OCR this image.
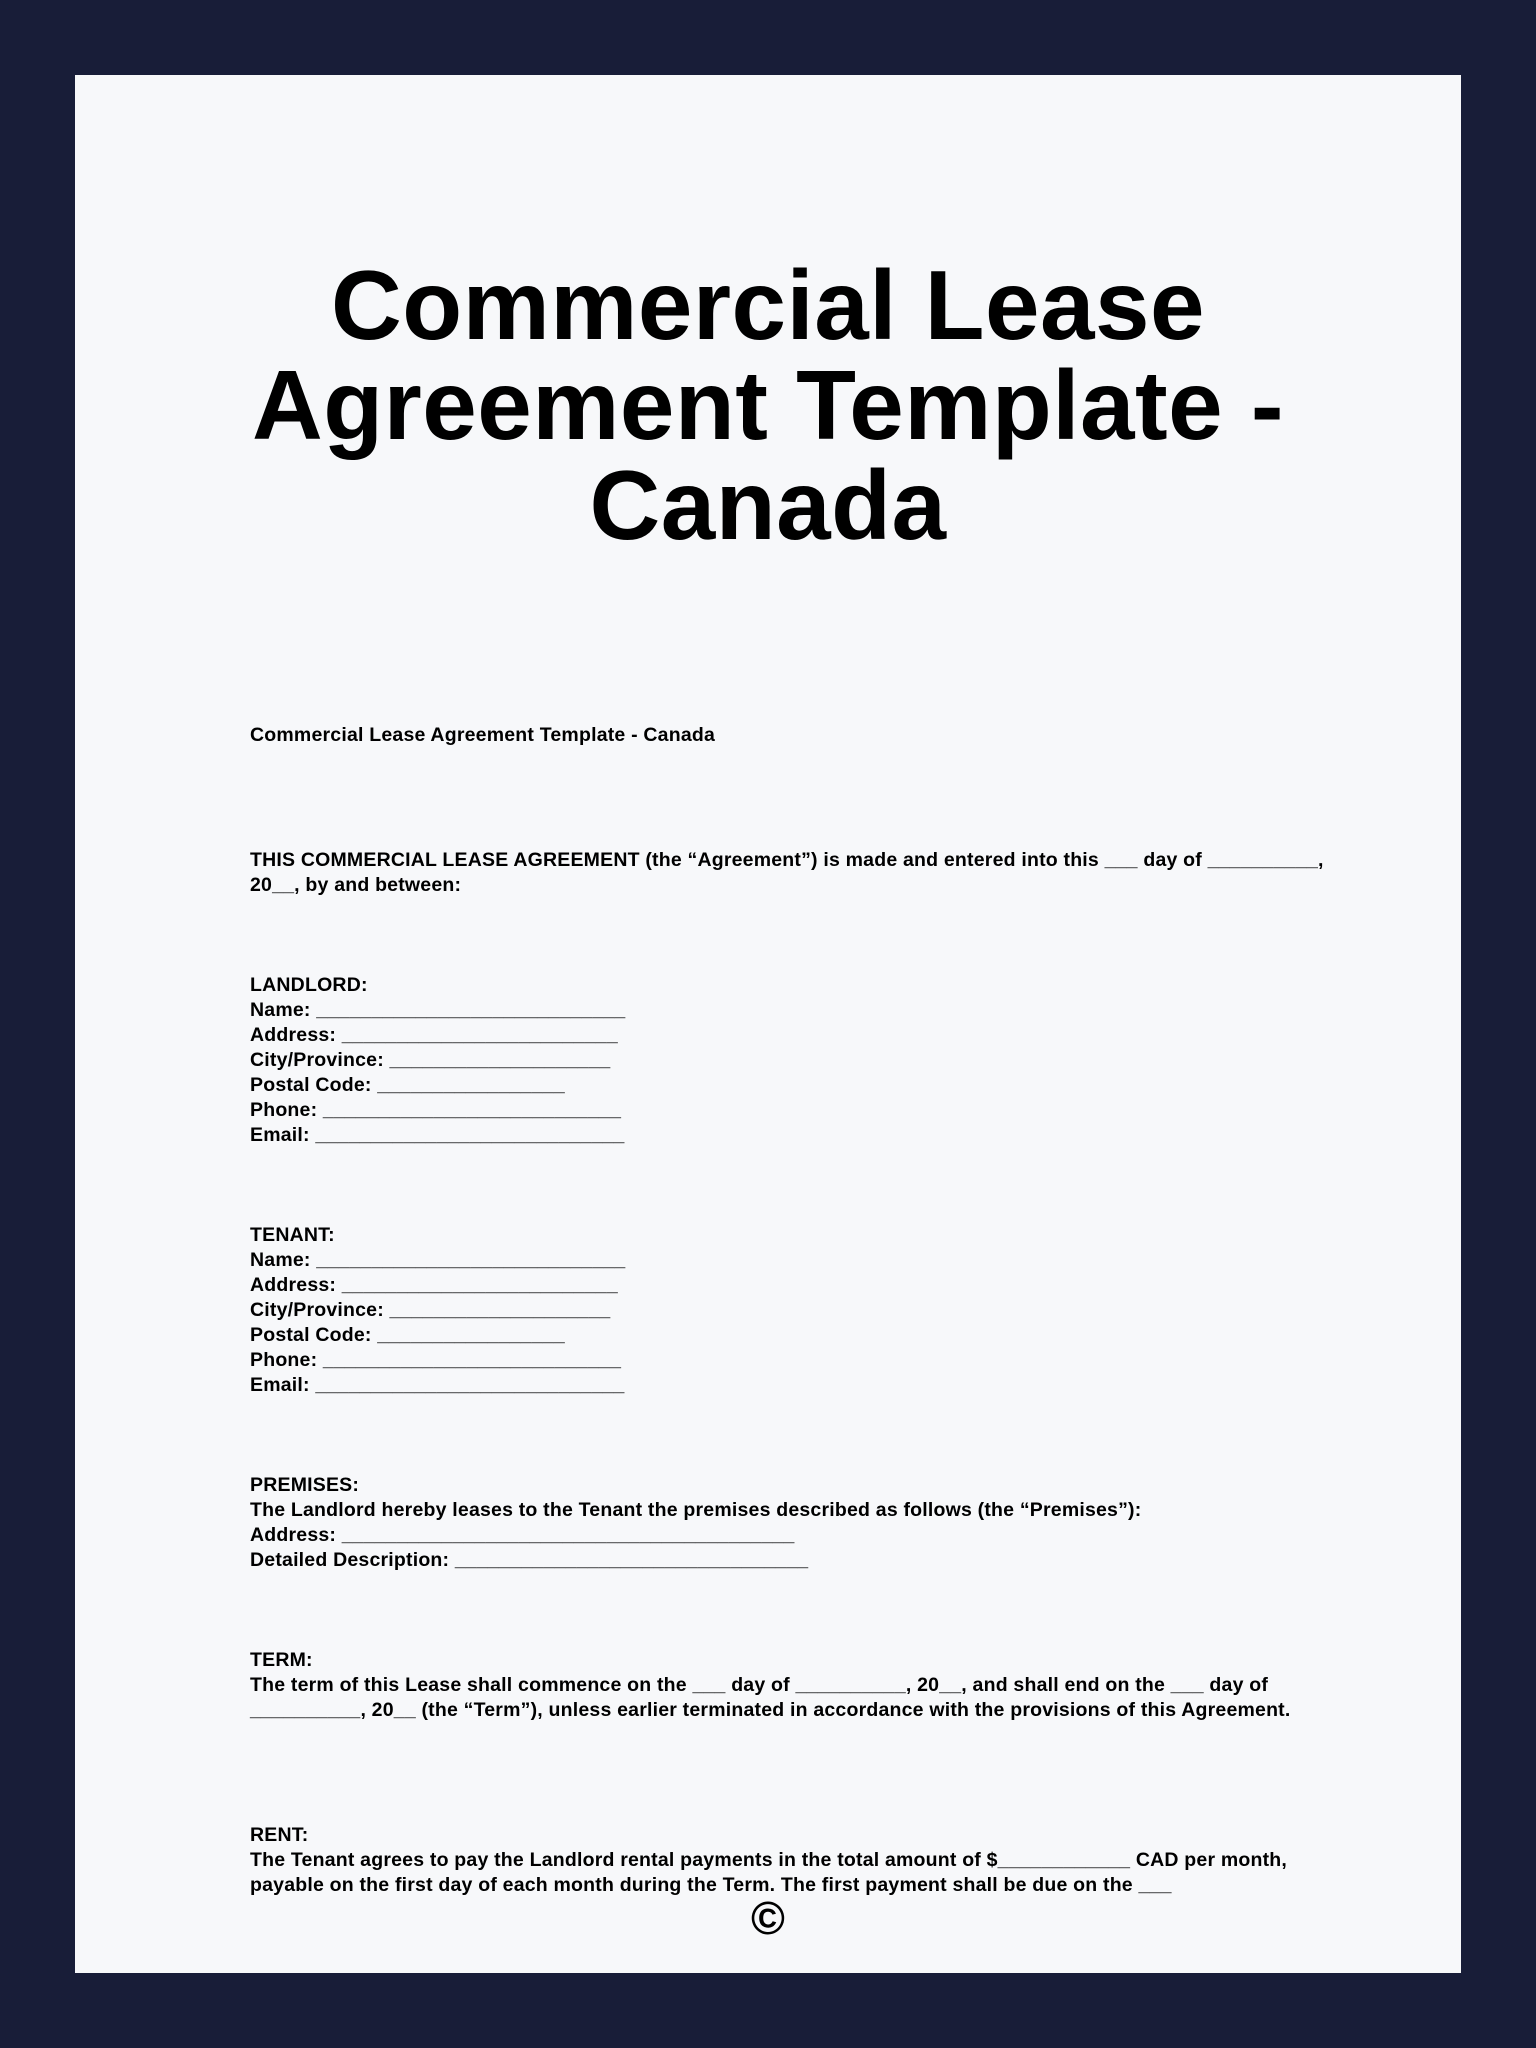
Commercial Lease Agreement Template - Canada
Commercial Lease Agreement Template - Canada
THIS COMMERCIAL LEASE AGREEMENT (the “Agreement”) is made and entered into this ___ day of __________, 20__, by and between:
LANDLORD:
Name: ____________________________
Address: _________________________
City/Province: ____________________
Postal Code: _________________
Phone: ___________________________
Email: ____________________________
TENANT:
Name: ____________________________
Address: _________________________
City/Province: ____________________
Postal Code: _________________
Phone: ___________________________
Email: ____________________________
PREMISES:
The Landlord hereby leases to the Tenant the premises described as follows (the “Premises”):
Address: _________________________________________
Detailed Description: ________________________________
TERM:
The term of this Lease shall commence on the ___ day of __________, 20__, and shall end on the ___ day of __________, 20__ (the “Term”), unless earlier terminated in accordance with the provisions of this Agreement.
RENT:
The Tenant agrees to pay the Landlord rental payments in the total amount of $____________ CAD per month, payable on the first day of each month during the Term. The first payment shall be due on the ___
©
